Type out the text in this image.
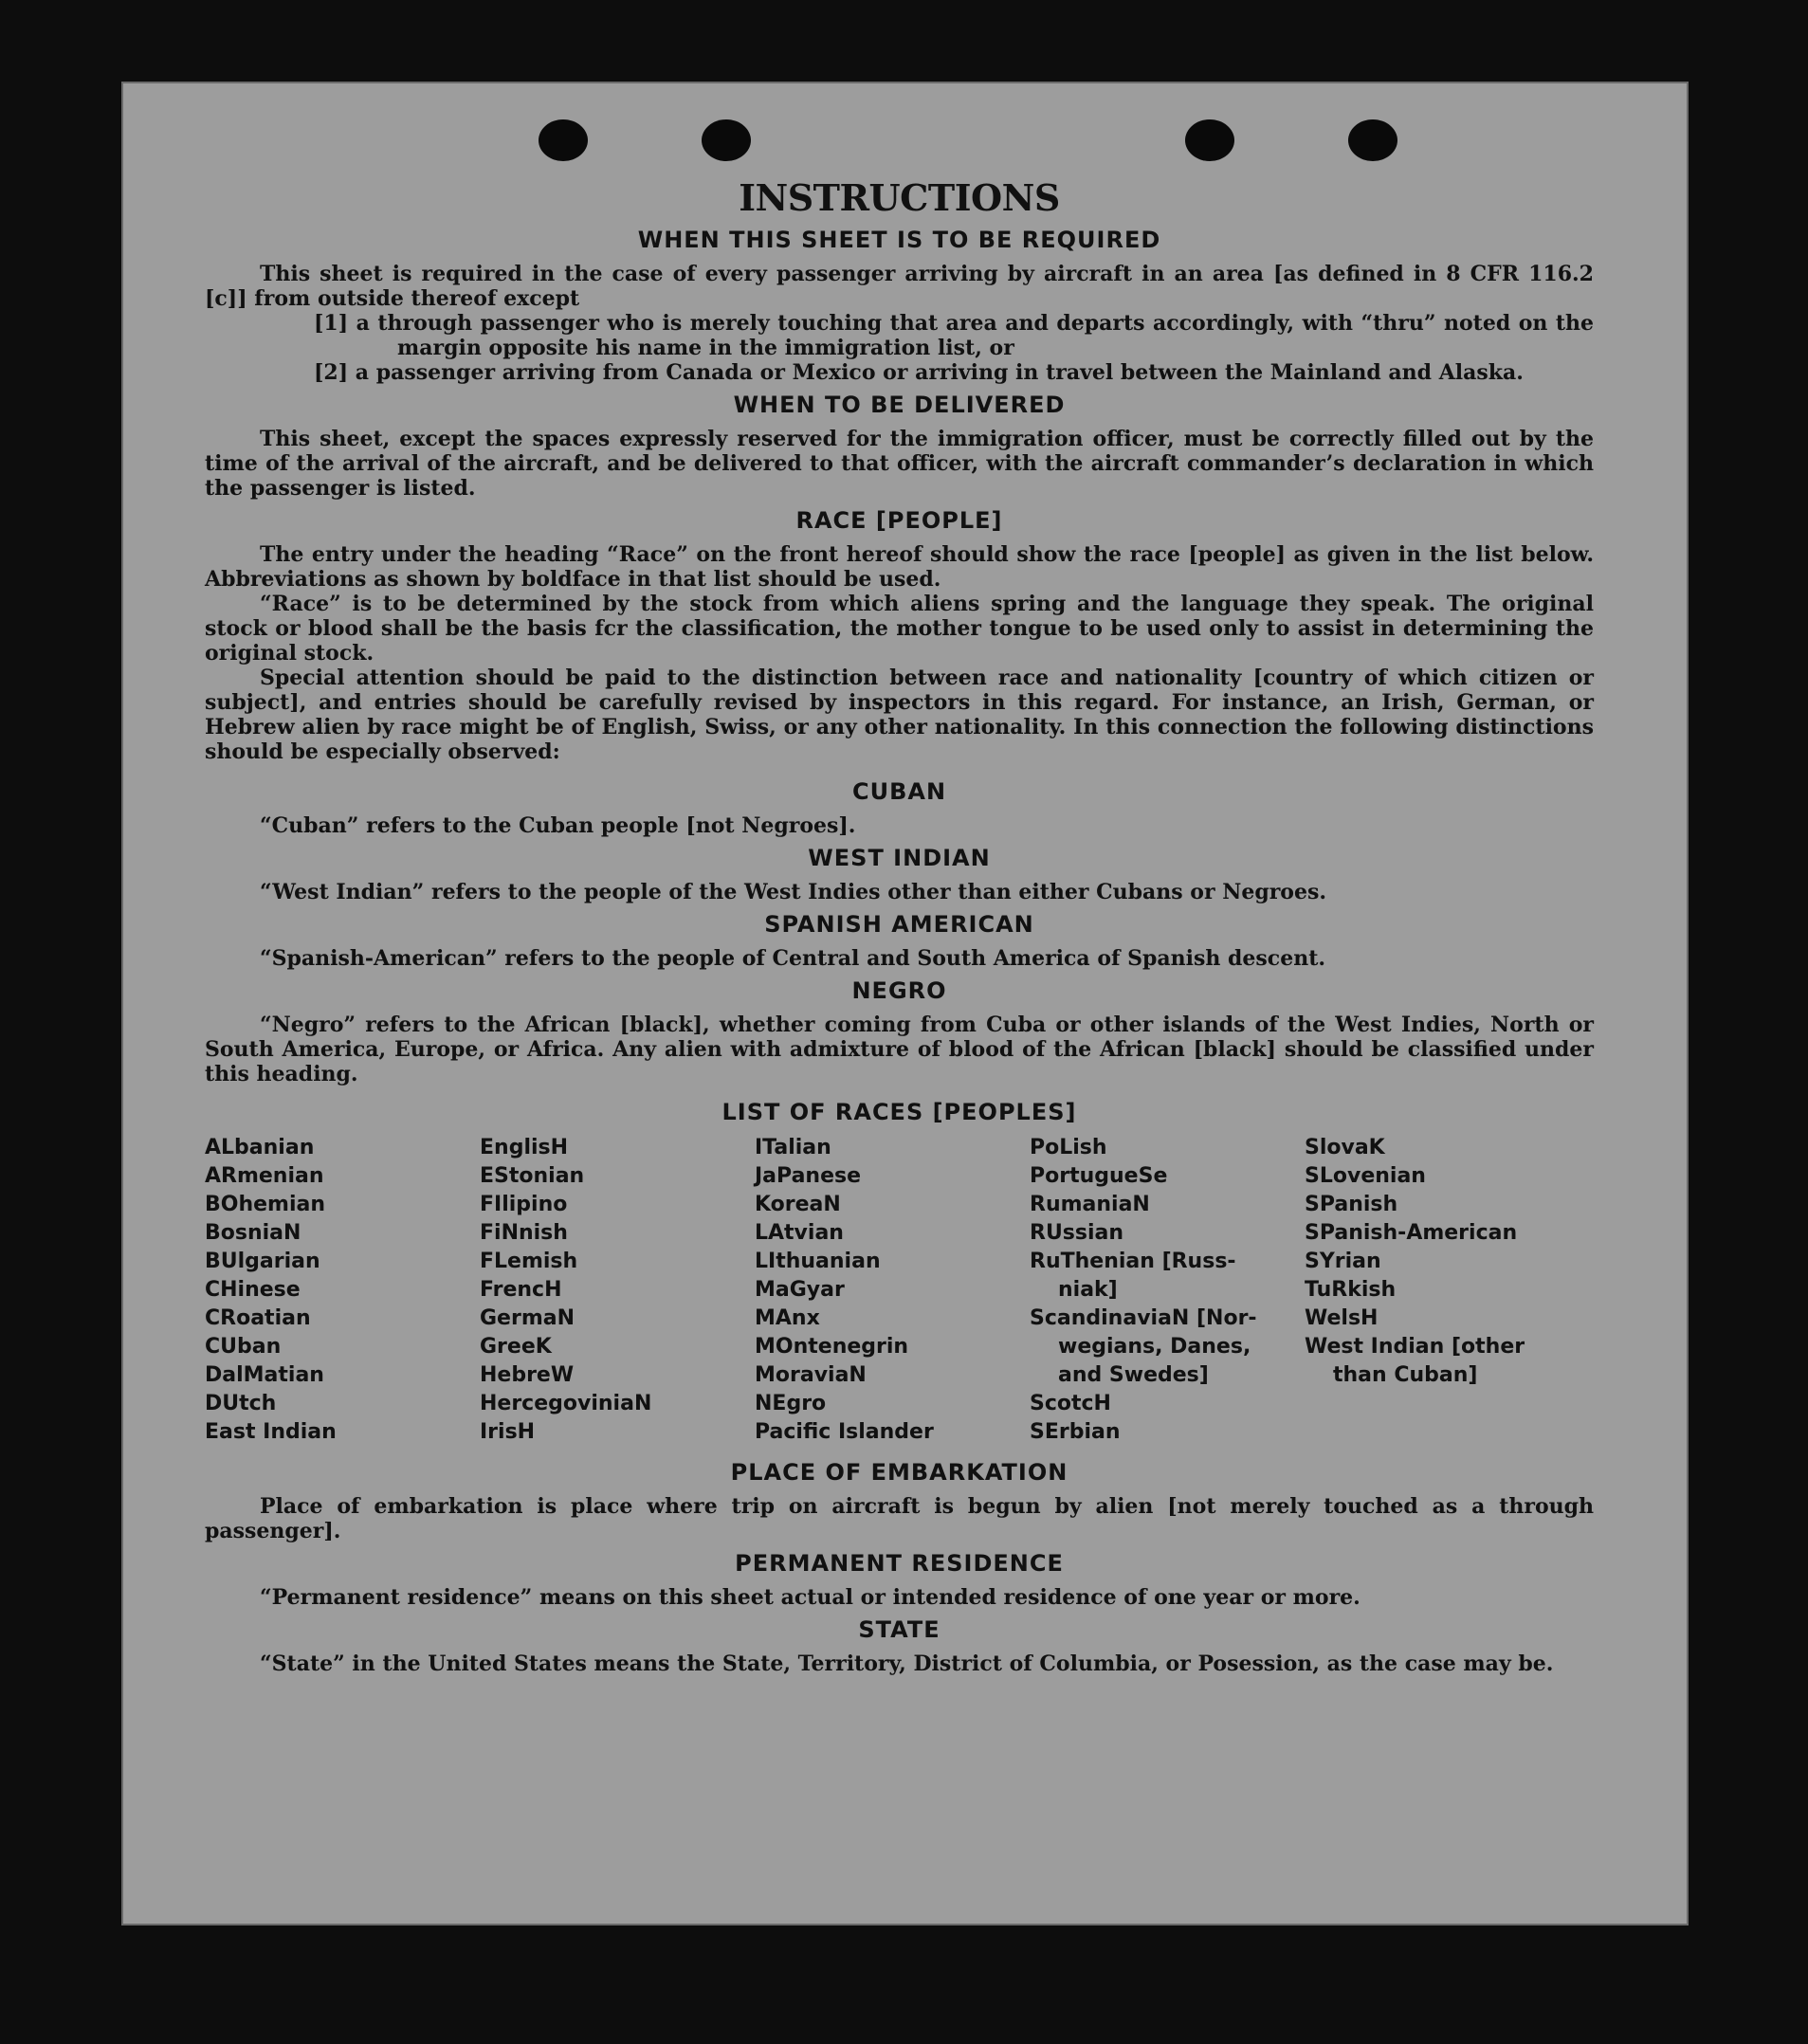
INSTRUCTIONS
WHEN THIS SHEET IS TO BE REQUIRED

This sheet is required in the case of every passenger arriving by aircraft in an area [as defined in 8 CFR 116.2 [c]] from outside thereof except

[1] a through passenger who is merely touching that area and departs accordingly, with “thru” noted on the margin opposite his name in the immigration list, or

[2] a passenger arriving from Canada or Mexico or arriving in travel between the Mainland and Alaska.

WHEN TO BE DELIVERED

This sheet, except the spaces expressly reserved for the immigration officer, must be correctly filled out by the time of the arrival of the aircraft, and be delivered to that officer, with the aircraft commander’s declaration in which the passenger is listed.

RACE [PEOPLE]

The entry under the heading “Race” on the front hereof should show the race [people] as given in the list below. Abbreviations as shown by boldface in that list should be used.

“Race” is to be determined by the stock from which aliens spring and the language they speak. The original stock or blood shall be the basis fcr the classification, the mother tongue to be used only to assist in determining the original stock.

Special attention should be paid to the distinction between race and nationality [country of which citizen or subject], and entries should be carefully revised by inspectors in this regard. For instance, an Irish, German, or Hebrew alien by race might be of English, Swiss, or any other nationality. In this connection the following distinctions should be especially observed:

CUBAN

“Cuban” refers to the Cuban people [not Negroes].

WEST INDIAN

“West Indian” refers to the people of the West Indies other than either Cubans or Negroes.

SPANISH AMERICAN

“Spanish-American” refers to the people of Central and South America of Spanish descent.

NEGRO

“Negro” refers to the African [black], whether coming from Cuba or other islands of the West Indies, North or South America, Europe, or Africa. Any alien with admixture of blood of the African [black] should be classified under this heading.

LIST OF RACES [PEOPLES]
ALbanian
ARmenian
BOhemian
BosniaN
BUlgarian
CHinese
CRoatian
CUban
DalMatian
DUtch
East Indian
EnglisH
EStonian
FIlipino
FiNnish
FLemish
FrencH
GermaN
GreeK
HebreW
HercegoviniaN
IrisH
ITalian
JaPanese
KoreaN
LAtvian
LIthuanian
MaGyar
MAnx
MOntenegrin
MoraviaN
NEgro
Pacific Islander
PoLish
PortugueSe
RumaniaN
RUssian
RuThenian [Russ-
niak]
ScandinaviaN [Nor-
wegians, Danes,
and Swedes]
ScotcH
SErbian
SlovaK
SLovenian
SPanish
SPanish-American
SYrian
TuRkish
WelsH
West Indian [other
than Cuban]
PLACE OF EMBARKATION

Place of embarkation is place where trip on aircraft is begun by alien [not merely touched as a through passenger].

PERMANENT RESIDENCE

“Permanent residence” means on this sheet actual or intended residence of one year or more.

STATE

“State” in the United States means the State, Territory, District of Columbia, or Posession, as the case may be.
